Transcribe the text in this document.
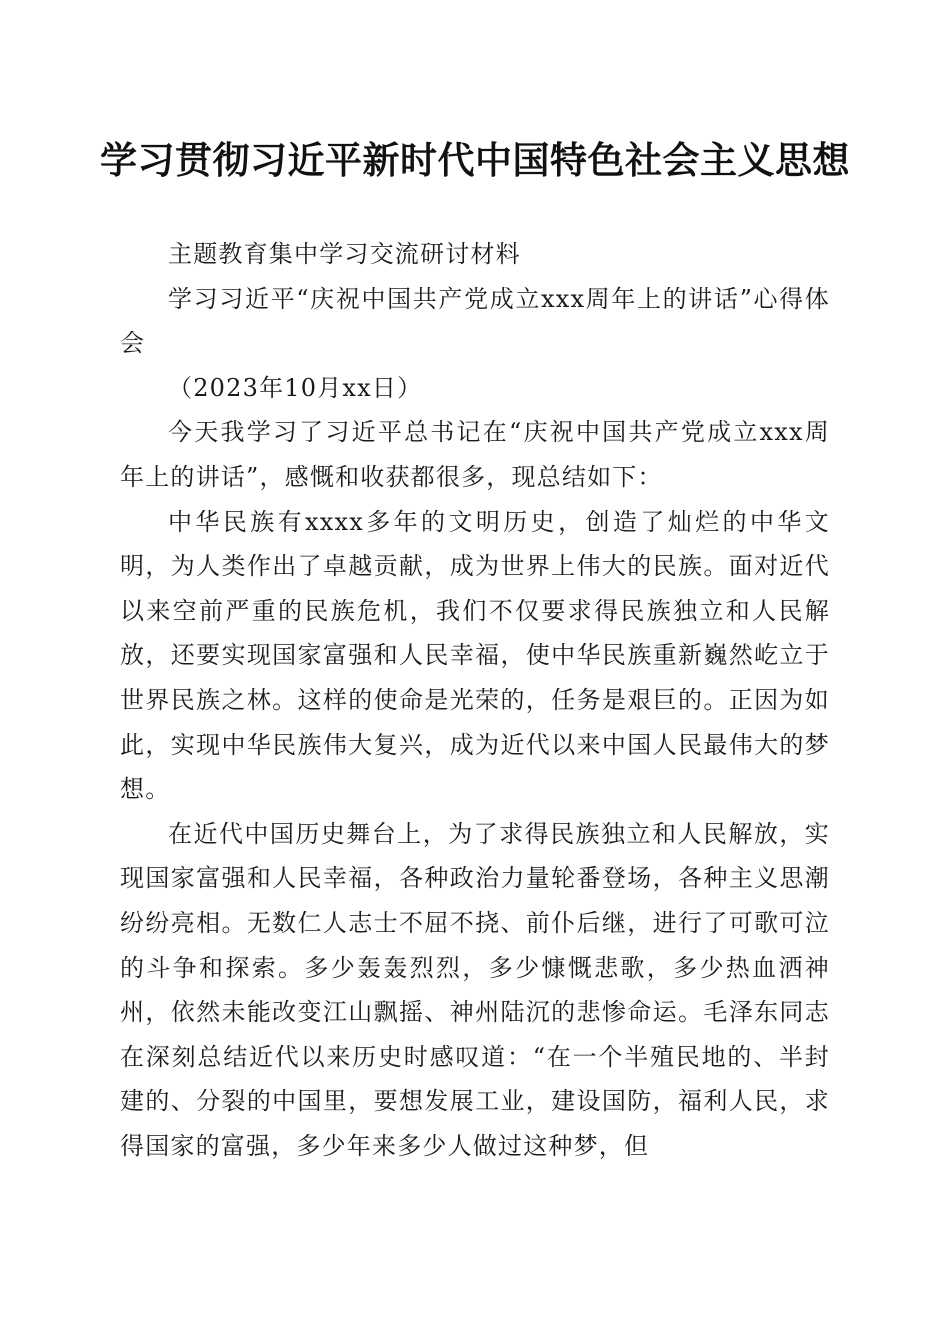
学习贯彻习近平新时代中国特色社会主义思想

主题教育集中学习交流研讨材料

学习习近平“庆祝中国共产党成立xxx周年上的讲话”心得体会

（2023年10月xx日）

今天我学习了习近平总书记在“庆祝中国共产党成立xxx周年上的讲话”，感慨和收获都很多，现总结如下：

中华民族有xxxx多年的文明历史，创造了灿烂的中华文明，为人类作出了卓越贡献，成为世界上伟大的民族。面对近代以来空前严重的民族危机，我们不仅要求得民族独立和人民解放，还要实现国家富强和人民幸福，使中华民族重新巍然屹立于世界民族之林。这样的使命是光荣的，任务是艰巨的。正因为如此，实现中华民族伟大复兴，成为近代以来中国人民最伟大的梦想。

在近代中国历史舞台上，为了求得民族独立和人民解放，实现国家富强和人民幸福，各种政治力量轮番登场，各种主义思潮纷纷亮相。无数仁人志士不屈不挠、前仆后继，进行了可歌可泣的斗争和探索。多少轰轰烈烈，多少慷慨悲歌，多少热血洒神州，依然未能改变江山飘摇、神州陆沉的悲惨命运。毛泽东同志在深刻总结近代以来历史时感叹道：“在一个半殖民地的、半封建的、分裂的中国里，要想发展工业，建设国防，福利人民，求得国家的富强，多少年来多少人做过这种梦，但
